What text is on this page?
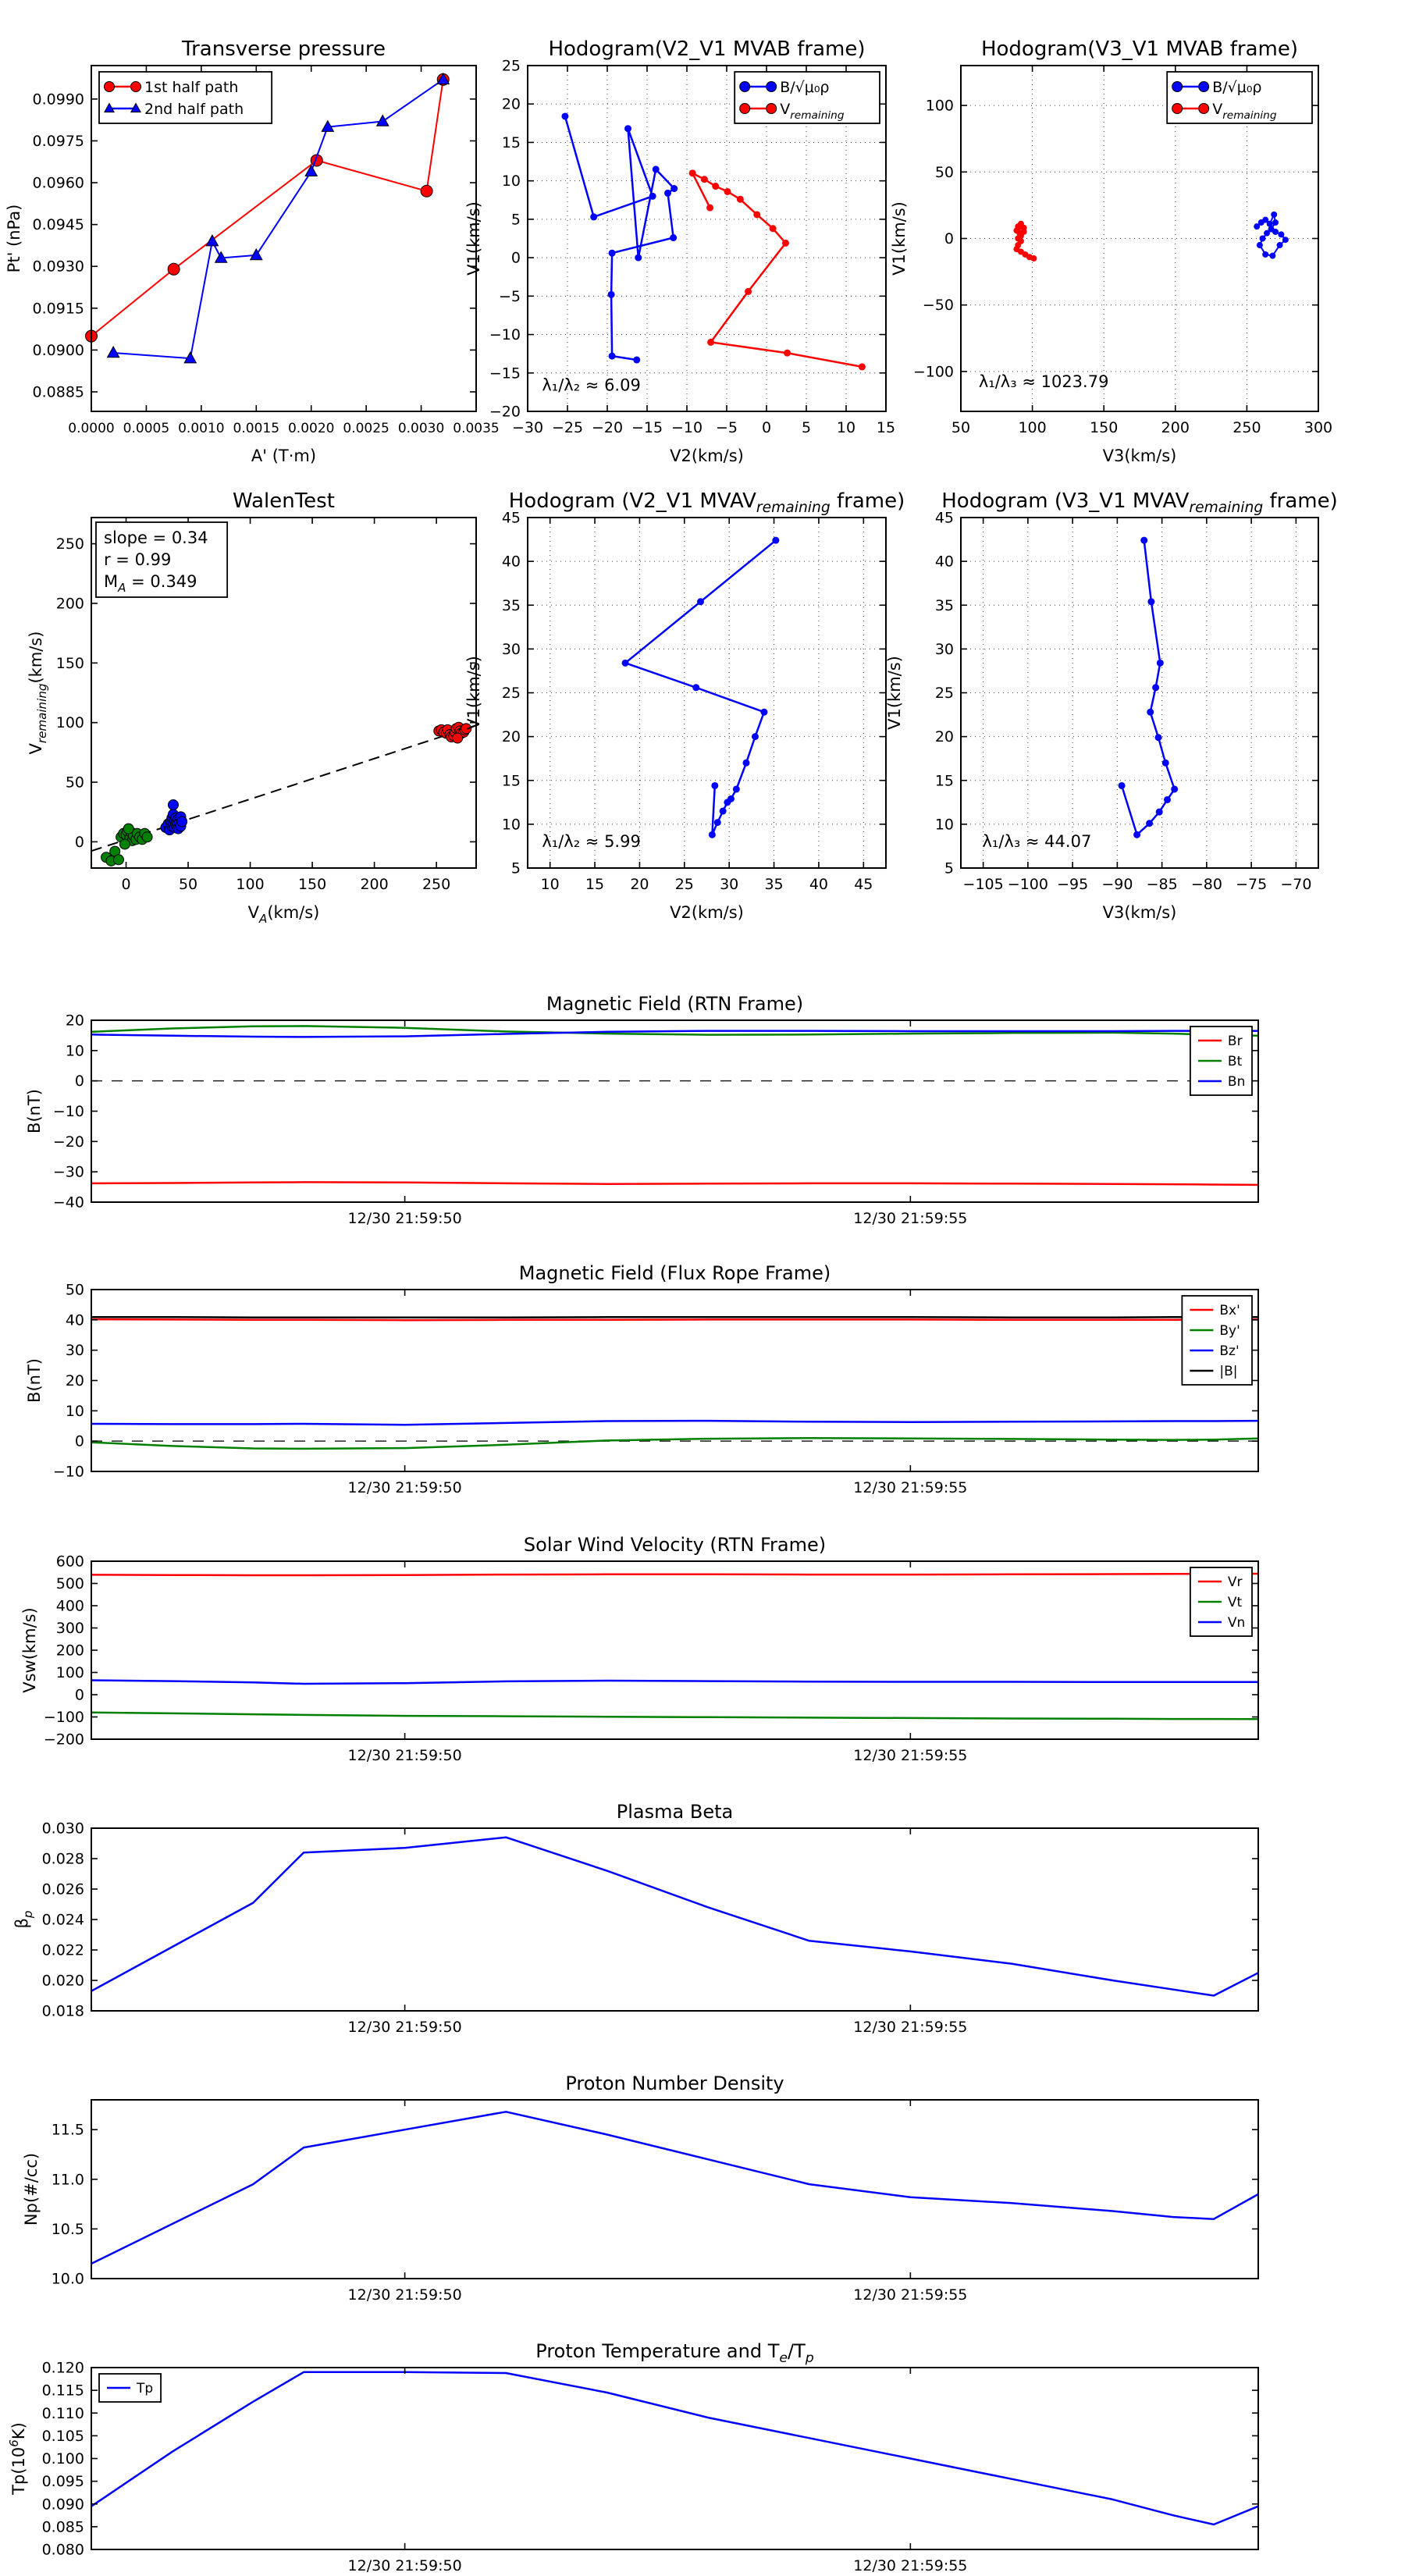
0.0000 0.0005 0.0010 0.0015 0.0020 0.0025 0.0030 0.0035
0.0885
0.0900
0.0915
0.0930
0.0945
0.0960
0.0975
0.0990
Transverse pressure
A' (T·m)
Pt' (nPa)
1st half path
2nd half path
−30 −25 −20 −15 −10 −5 0 5 10 15
−20
−15
−10
−5
0
5
10
15
20
25
Hodogram(V2_V1 MVAB frame)
V2(km/s)
V1(km/s)
λ₁/λ₂ ≈ 6.09
B/√μ₀ρ
$V_{remaining}$
50	100	150	200	250	300
−100
−50
0
50
100
Hodogram(V3_V1 MVAB frame)
V3(km/s)
V1(km/s)
λ₁/λ₃ ≈ 1023.79
B/√μ₀ρ
$V_{remaining}$
0	50	100 150 200 250
0
50
100
150
200
250
WalenTest
$V_A(km/s)$
$V_{remaining}(km/s)$
slope = 0.34
r = 0.99
$M_A = 0.349$
10 15 20 25 30 35 40 45
5
10
15
20
25
30
35
40
45
Hodogram (V2_V1 $MVAV_{remaining}$ frame)
V2(km/s)
V1(km/s)
λ₁/λ₂ ≈ 5.99
−105 −100 −95 −90 −85 −80 −75 −70
5
10
15
20
25
30
35
40
45
Hodogram (V3_V1 $MVAV_{remaining}$ frame)
V3(km/s)
V1(km/s)
λ₁/λ₃ ≈ 44.07
12/30 21:59:50	12/30 21:59:55
20
10
0
−10
−20
−30
−40
Magnetic Field (RTN Frame)
B(nT)
Br
Bt
Bn
12/30 21:59:50	12/30 21:59:55
50
40
30
20
10
0
−10
Magnetic Field (Flux Rope Frame)
B(nT)
Bx'
By'
Bz'
|B|
12/30 21:59:50	12/30 21:59:55
600
500
400
300
200
100
0
−100
−200
Solar Wind Velocity (RTN Frame)
Vsw(km/s)
Vr
Vt
Vn
12/30 21:59:50	12/30 21:59:55
0.030
0.028
0.026
0.024
0.022
0.020
0.018
Plasma Beta
$\beta_p$
12/30 21:59:50	12/30 21:59:55
11.5
11.0
10.5
10.0
Proton Number Density
Np(#/cc)
12/30 21:59:50	12/30 21:59:55
0.120
0.115
0.110
0.105
0.100
0.095
0.090
0.085
0.080
Proton Temperature and $T_e/T_p$
$Tp(10^6K)$
Tp
